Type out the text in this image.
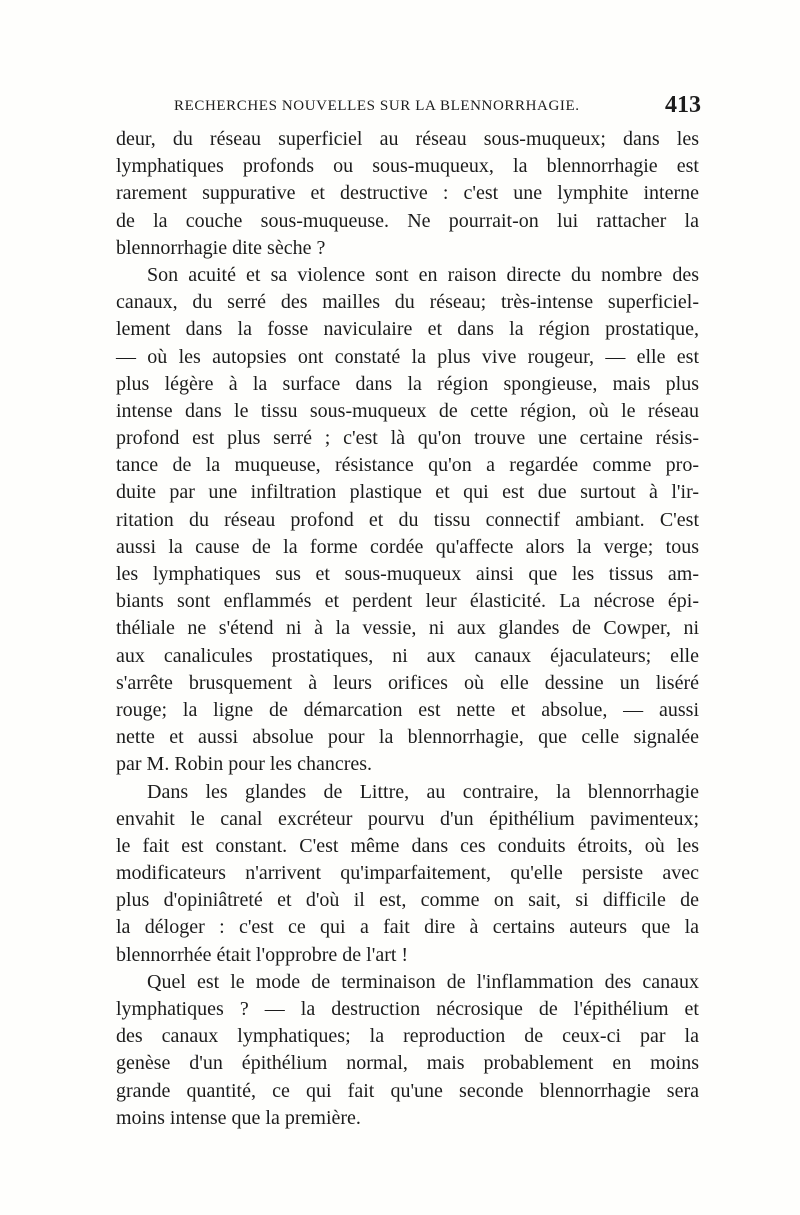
RECHERCHES NOUVELLES SUR LA BLENNORRHAGIE.	413
deur, du réseau superficiel au réseau sous-muqueux; dans les
lymphatiques profonds ou sous-muqueux, la blennorrhagie est
rarement suppurative et destructive : c'est une lymphite interne
de la couche sous-muqueuse. Ne pourrait-on lui rattacher la
blennorrhagie dite sèche ?
Son acuité et sa violence sont en raison directe du nombre des
canaux, du serré des mailles du réseau; très-intense superficiel-
lement dans la fosse naviculaire et dans la région prostatique,
— où les autopsies ont constaté la plus vive rougeur, — elle est
plus légère à la surface dans la région spongieuse, mais plus
intense dans le tissu sous-muqueux de cette région, où le réseau
profond est plus serré ; c'est là qu'on trouve une certaine résis-
tance de la muqueuse, résistance qu'on a regardée comme pro-
duite par une infiltration plastique et qui est due surtout à l'ir-
ritation du réseau profond et du tissu connectif ambiant. C'est
aussi la cause de la forme cordée qu'affecte alors la verge; tous
les lymphatiques sus et sous-muqueux ainsi que les tissus am-
biants sont enflammés et perdent leur élasticité. La nécrose épi-
théliale ne s'étend ni à la vessie, ni aux glandes de Cowper, ni
aux canalicules prostatiques, ni aux canaux éjaculateurs; elle
s'arrête brusquement à leurs orifices où elle dessine un liséré
rouge; la ligne de démarcation est nette et absolue, — aussi
nette et aussi absolue pour la blennorrhagie, que celle signalée
par M. Robin pour les chancres.
Dans les glandes de Littre, au contraire, la blennorrhagie
envahit le canal excréteur pourvu d'un épithélium pavimenteux;
le fait est constant. C'est même dans ces conduits étroits, où les
modificateurs n'arrivent qu'imparfaitement, qu'elle persiste avec
plus d'opiniâtreté et d'où il est, comme on sait, si difficile de
la déloger : c'est ce qui a fait dire à certains auteurs que la
blennorrhée était l'opprobre de l'art !
Quel est le mode de terminaison de l'inflammation des canaux
lymphatiques ? — la destruction nécrosique de l'épithélium et
des canaux lymphatiques; la reproduction de ceux-ci par la
genèse d'un épithélium normal, mais probablement en moins
grande quantité, ce qui fait qu'une seconde blennorrhagie sera
moins intense que la première.
